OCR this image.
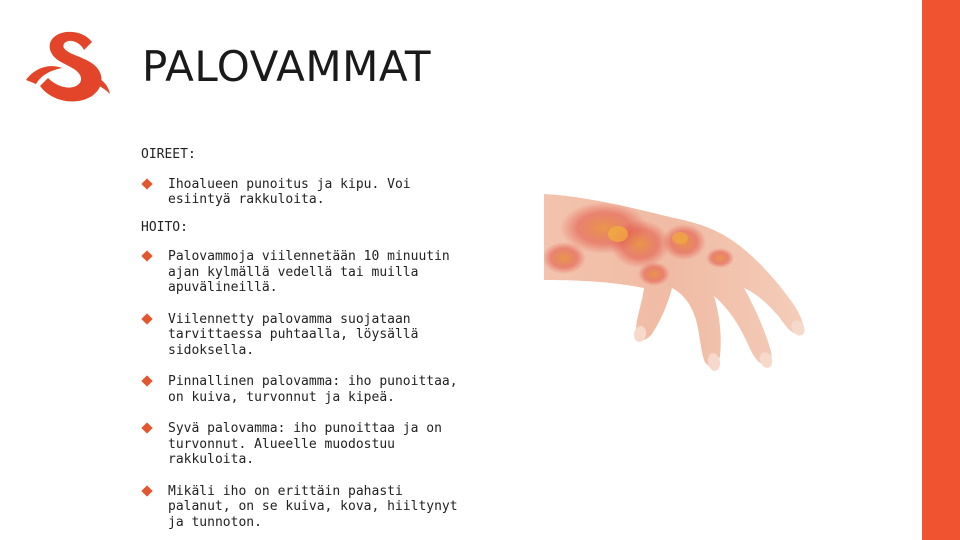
PALOVAMMAT
OIREET:
Ihoalueen punoitus ja kipu. Voi esiintyä rakkuloita.
HOITO:
Palovammoja viilennetään 10 minuutin ajan kylmällä vedellä tai muilla apuvälineillä.
Viilennetty palovamma suojataan tarvittaessa puhtaalla, löysällä sidoksella.
Pinnallinen palovamma: iho punoittaa, on kuiva, turvonnut ja kipeä.
Syvä palovamma: iho punoittaa ja on turvonnut. Alueelle muodostuu rakkuloita.
Mikäli iho on erittäin pahasti palanut, on se kuiva, kova, hiiltynyt ja tunnoton.
